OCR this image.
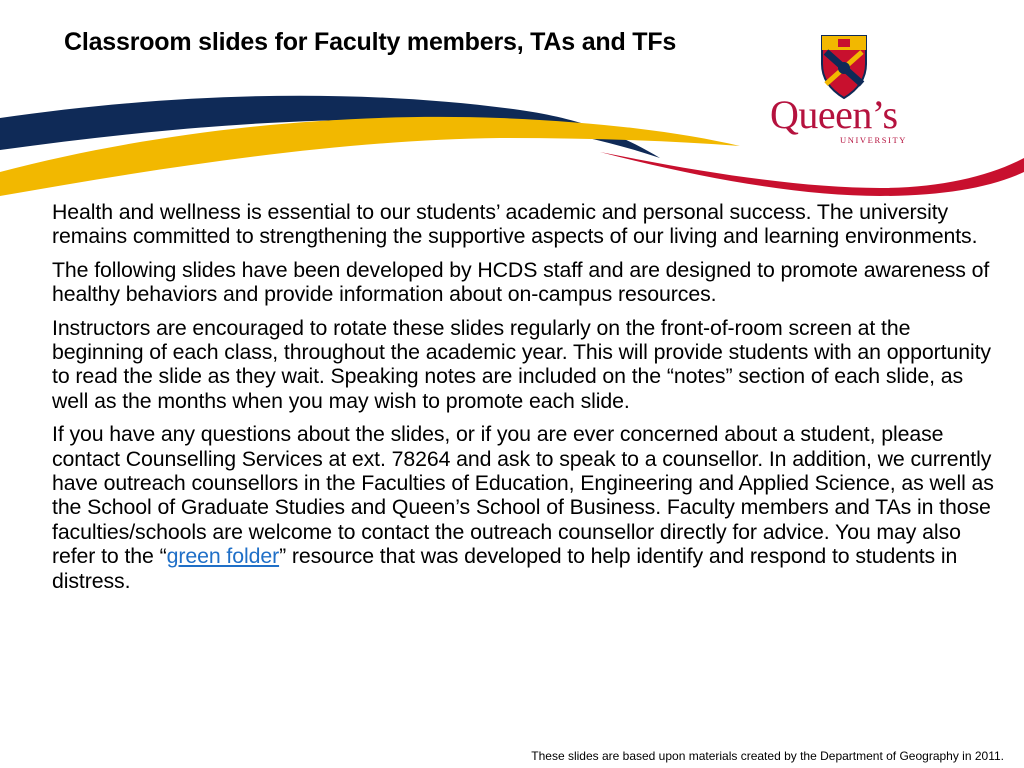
Classroom slides for Faculty members, TAs and TFs
Queen’s
UNIVERSITY

Health and wellness is essential to our students’ academic and personal success. The university remains committed to strengthening the supportive aspects of our living and learning environments.

The following slides have been developed by HCDS staff and are designed to promote awareness of healthy behaviors and provide information about on-campus resources.

Instructors are encouraged to rotate these slides regularly on the front-of-room screen at the beginning of each class, throughout the academic year. This will provide students with an opportunity to read the slide as they wait. Speaking notes are included on the “notes” section of each slide, as well as the months when you may wish to promote each slide.

If you have any questions about the slides, or if you are ever concerned about a student, please contact Counselling Services at ext. 78264 and ask to speak to a counsellor. In addition, we currently have outreach counsellors in the Faculties of Education, Engineering and Applied Science, as well as the School of Graduate Studies and Queen’s School of Business. Faculty members and TAs in those faculties/schools are welcome to contact the outreach counsellor directly for advice. You may also refer to the “green folder” resource that was developed to help identify and respond to students in distress.

These slides are based upon materials created by the Department of Geography in 2011.
